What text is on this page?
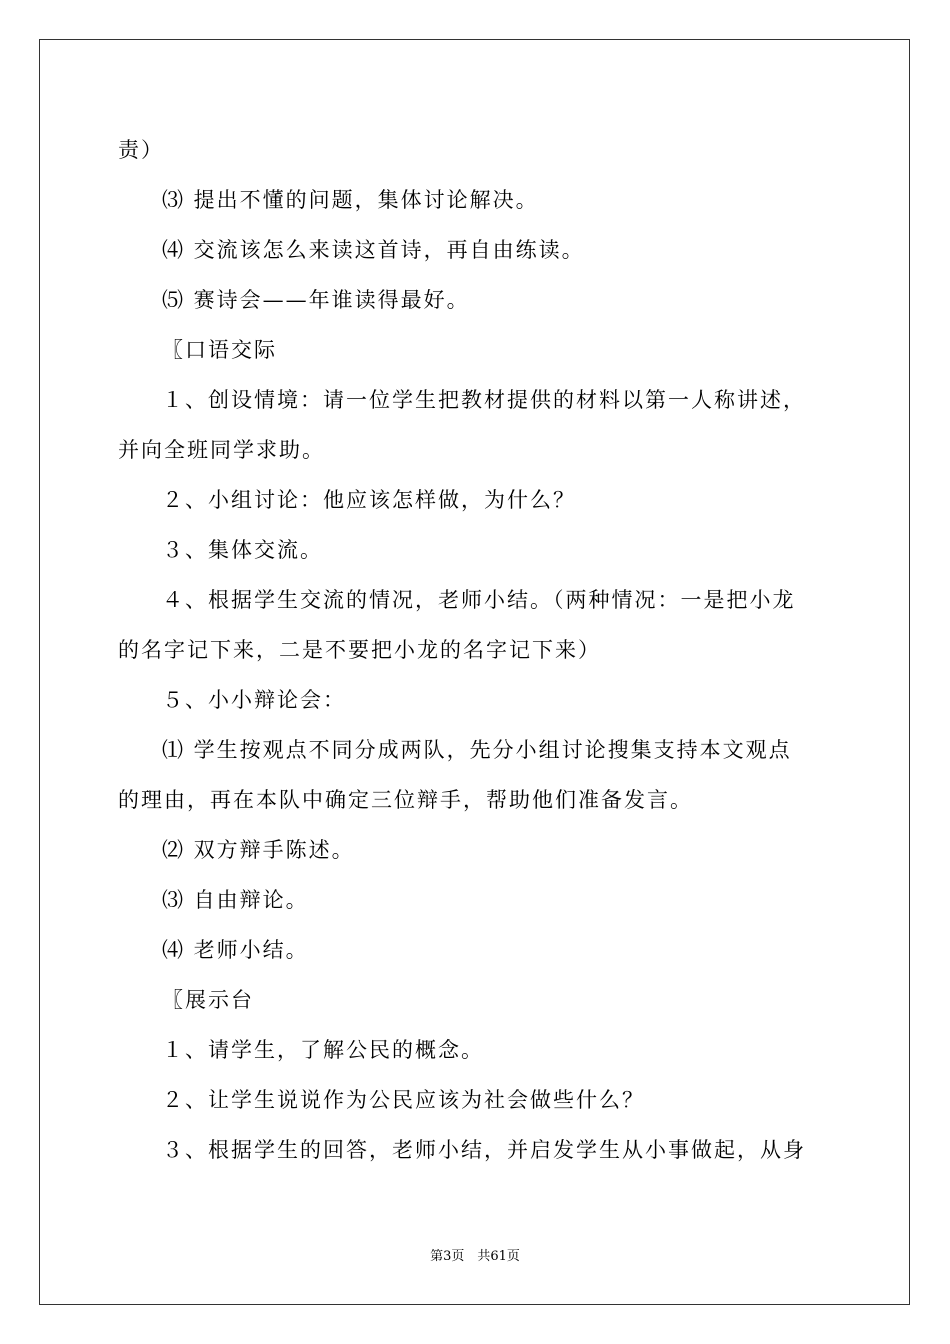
责）
⑶ 提出不懂的问题，集体讨论解决。
⑷ 交流该怎么来读这首诗，再自由练读。
⑸ 赛诗会——年谁读得最好。
〖口语交际
１、创设情境：请一位学生把教材提供的材料以第一人称讲述，
并向全班同学求助。
２、小组讨论：他应该怎样做，为什么？
３、集体交流。
４、根据学生交流的情况，老师小结。（两种情况：一是把小龙
的名字记下来，二是不要把小龙的名字记下来）
５、小小辩论会：
⑴ 学生按观点不同分成两队，先分小组讨论搜集支持本文观点
的理由，再在本队中确定三位辩手，帮助他们准备发言。
⑵ 双方辩手陈述。
⑶ 自由辩论。
⑷ 老师小结。
〖展示台
１、请学生，了解公民的概念。
２、让学生说说作为公民应该为社会做些什么？
３、根据学生的回答，老师小结，并启发学生从小事做起，从身
第3页　共61页
